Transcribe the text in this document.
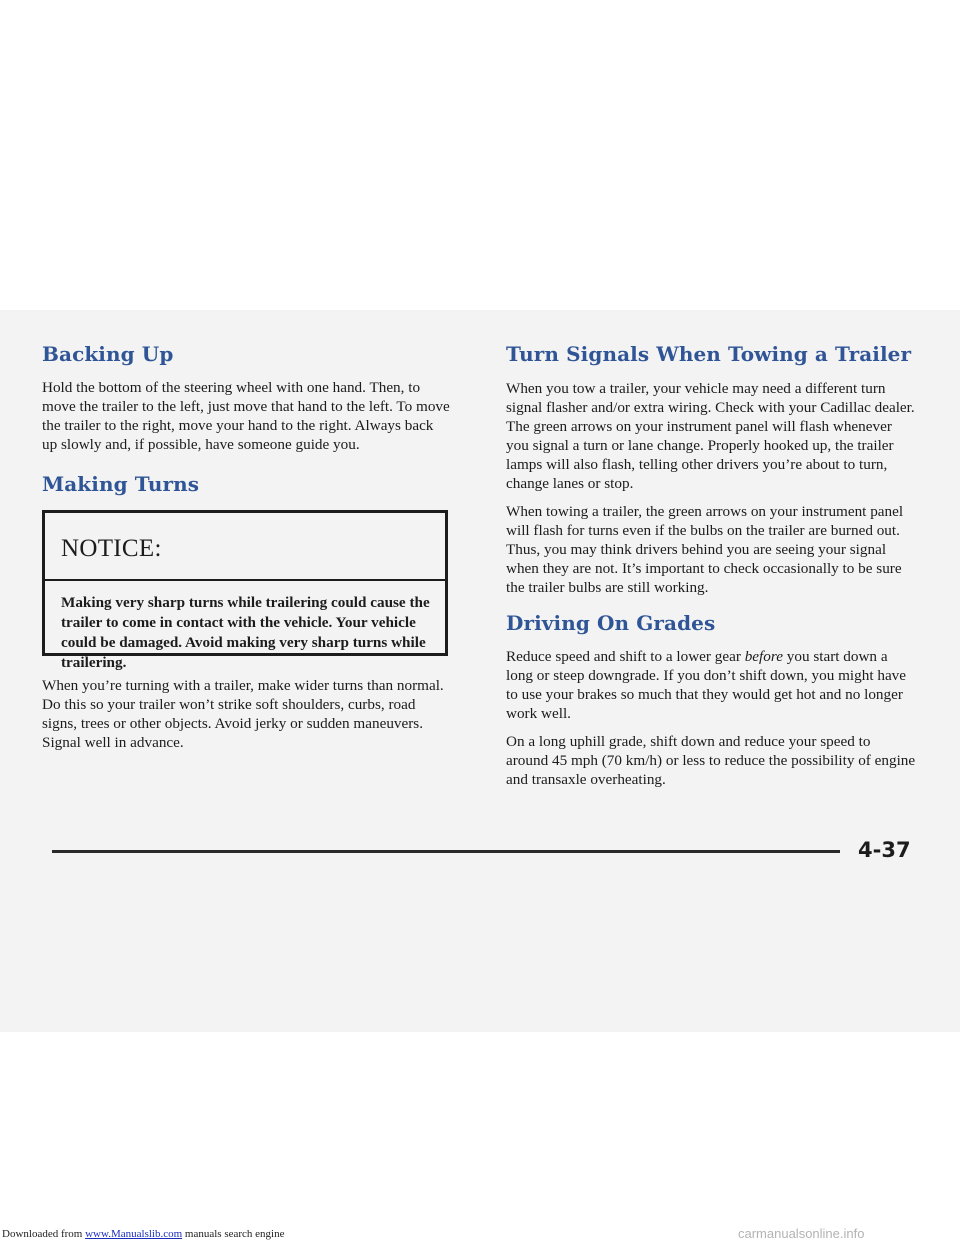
Backing Up

Hold the bottom of the steering wheel with one hand. Then, to move the trailer to the left, just move that hand to the left. To move the trailer to the right, move your hand to the right. Always back up slowly and, if possible, have someone guide you.

Making Turns
NOTICE:
Making very sharp turns while trailering could cause the trailer to come in contact with the vehicle. Your vehicle could be damaged. Avoid making very sharp turns while trailering.

When you’re turning with a trailer, make wider turns than normal. Do this so your trailer won’t strike soft shoulders, curbs, road signs, trees or other objects. Avoid jerky or sudden maneuvers. Signal well in advance.

Turn Signals When Towing a Trailer

When you tow a trailer, your vehicle may need a different turn signal flasher and/or extra wiring. Check with your Cadillac dealer. The green arrows on your instrument panel will flash whenever you signal a turn or lane change. Properly hooked up, the trailer lamps will also flash, telling other drivers you’re about to turn, change lanes or stop.

When towing a trailer, the green arrows on your instrument panel will flash for turns even if the bulbs on the trailer are burned out. Thus, you may think drivers behind you are seeing your signal when they are not. It’s important to check occasionally to be sure the trailer bulbs are still working.

Driving On Grades

Reduce speed and shift to a lower gear before you start down a long or steep downgrade. If you don’t shift down, you might have to use your brakes so much that they would get hot and no longer work well.

On a long uphill grade, shift down and reduce your speed to around 45 mph (70 km/h) or less to reduce the possibility of engine and transaxle overheating.

4-37
Downloaded from www.Manualslib.com manuals search engine	carmanualsonline.info
